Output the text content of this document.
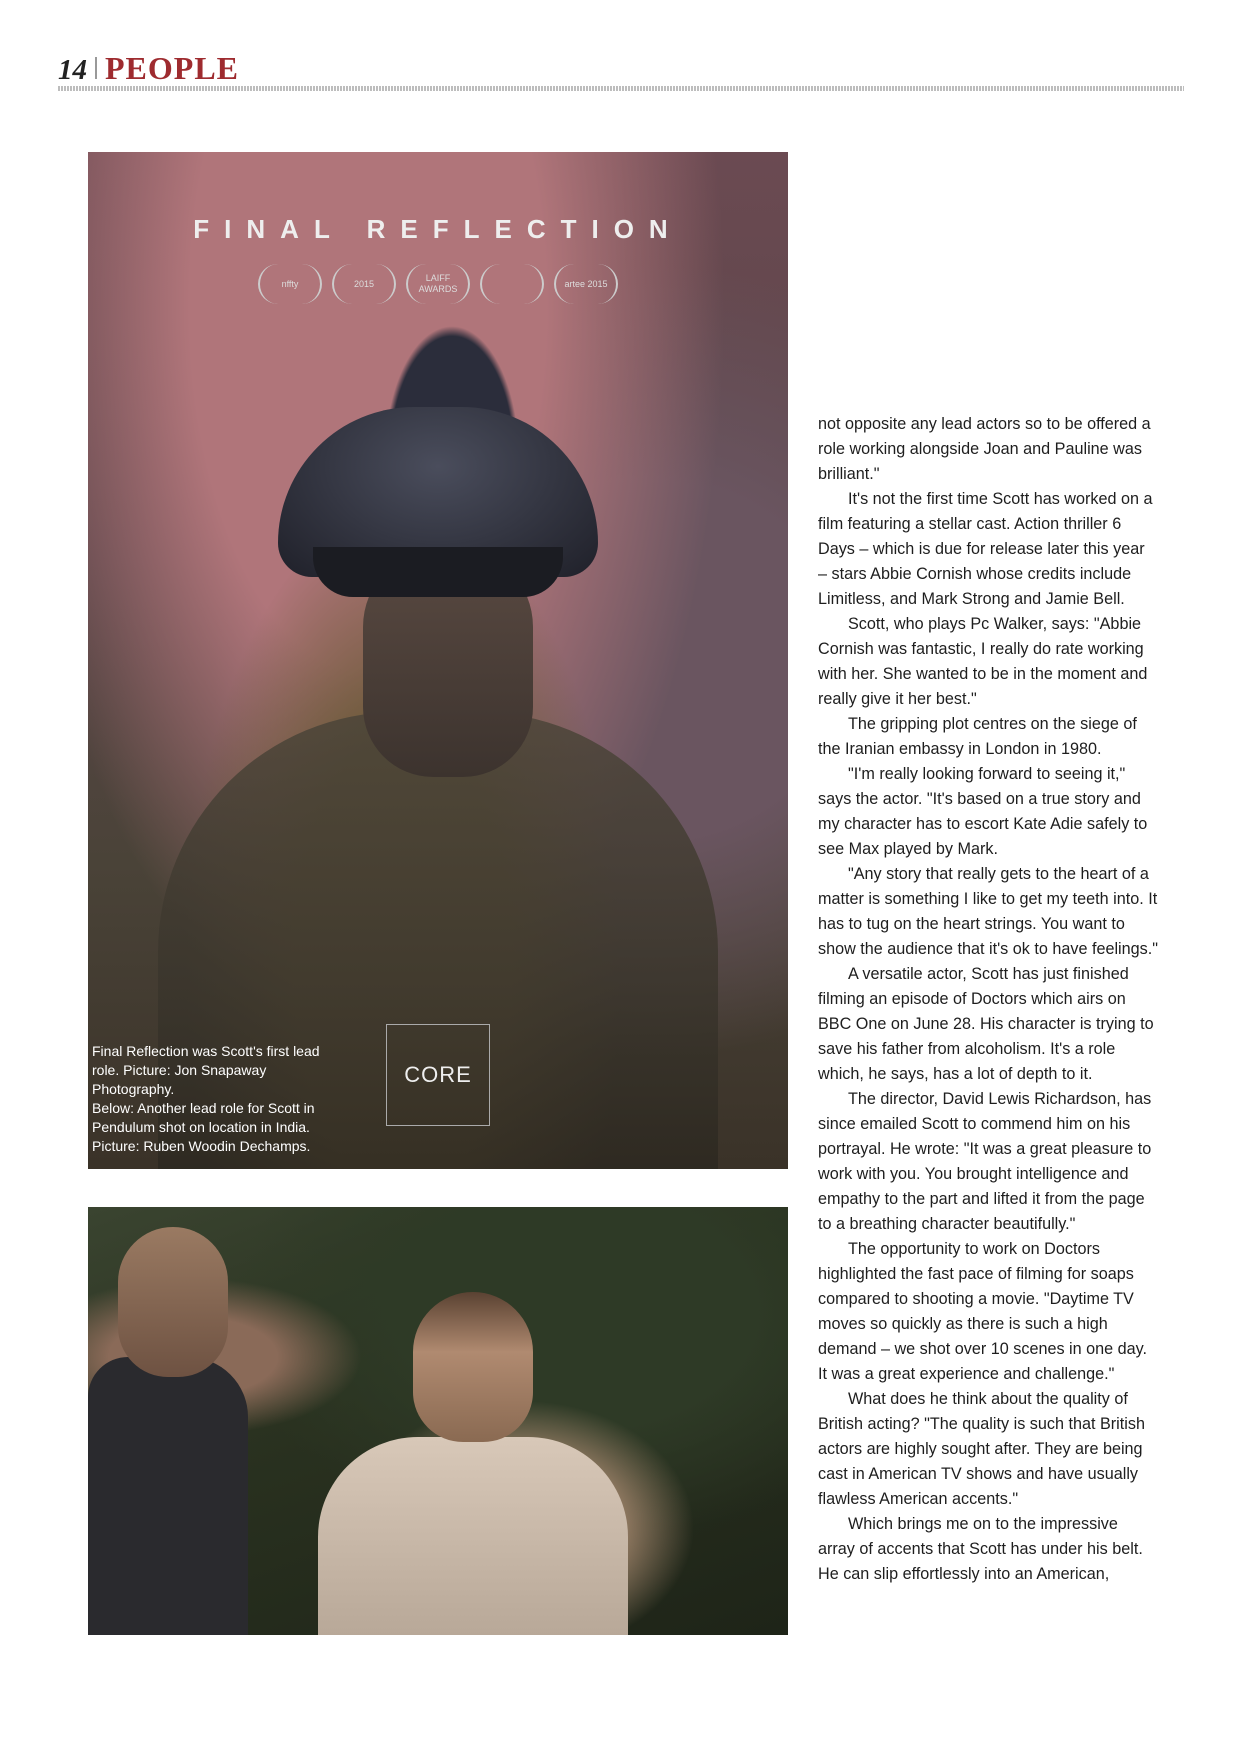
14 PEOPLE
FINAL REFLECTION
nffty	2015
LAIFF AWARDS
artee 2015
CORE
Final Reflection was Scott's first lead role. Picture: Jon Snapaway Photography.
Below: Another lead role for Scott in Pendulum shot on location in India. Picture: Ruben Woodin Dechamps.

not opposite any lead actors so to be offered a role working alongside Joan and Pauline was brilliant."

It's not the first time Scott has worked on a film featuring a stellar cast. Action thriller 6 Days – which is due for release later this year – stars Abbie Cornish whose credits include Limitless, and Mark Strong and Jamie Bell.

Scott, who plays Pc Walker, says: "Abbie Cornish was fantastic, I really do rate working with her. She wanted to be in the moment and really give it her best."

The gripping plot centres on the siege of the Iranian embassy in London in 1980.

"I'm really looking forward to seeing it," says the actor. "It's based on a true story and my character has to escort Kate Adie safely to see Max played by Mark.

"Any story that really gets to the heart of a matter is something I like to get my teeth into. It has to tug on the heart strings. You want to show the audience that it's ok to have feelings."

A versatile actor, Scott has just finished filming an episode of Doctors which airs on BBC One on June 28. His character is trying to save his father from alcoholism. It's a role which, he says, has a lot of depth to it.

The director, David Lewis Richardson, has since emailed Scott to commend him on his portrayal. He wrote: "It was a great pleasure to work with you. You brought intelligence and empathy to the part and lifted it from the page to a breathing character beautifully."

The opportunity to work on Doctors highlighted the fast pace of filming for soaps compared to shooting a movie. "Daytime TV moves so quickly as there is such a high demand – we shot over 10 scenes in one day. It was a great experience and challenge."

What does he think about the quality of British acting? "The quality is such that British actors are highly sought after. They are being cast in American TV shows and have usually flawless American accents."

Which brings me on to the impressive array of accents that Scott has under his belt. He can slip effortlessly into an American,
